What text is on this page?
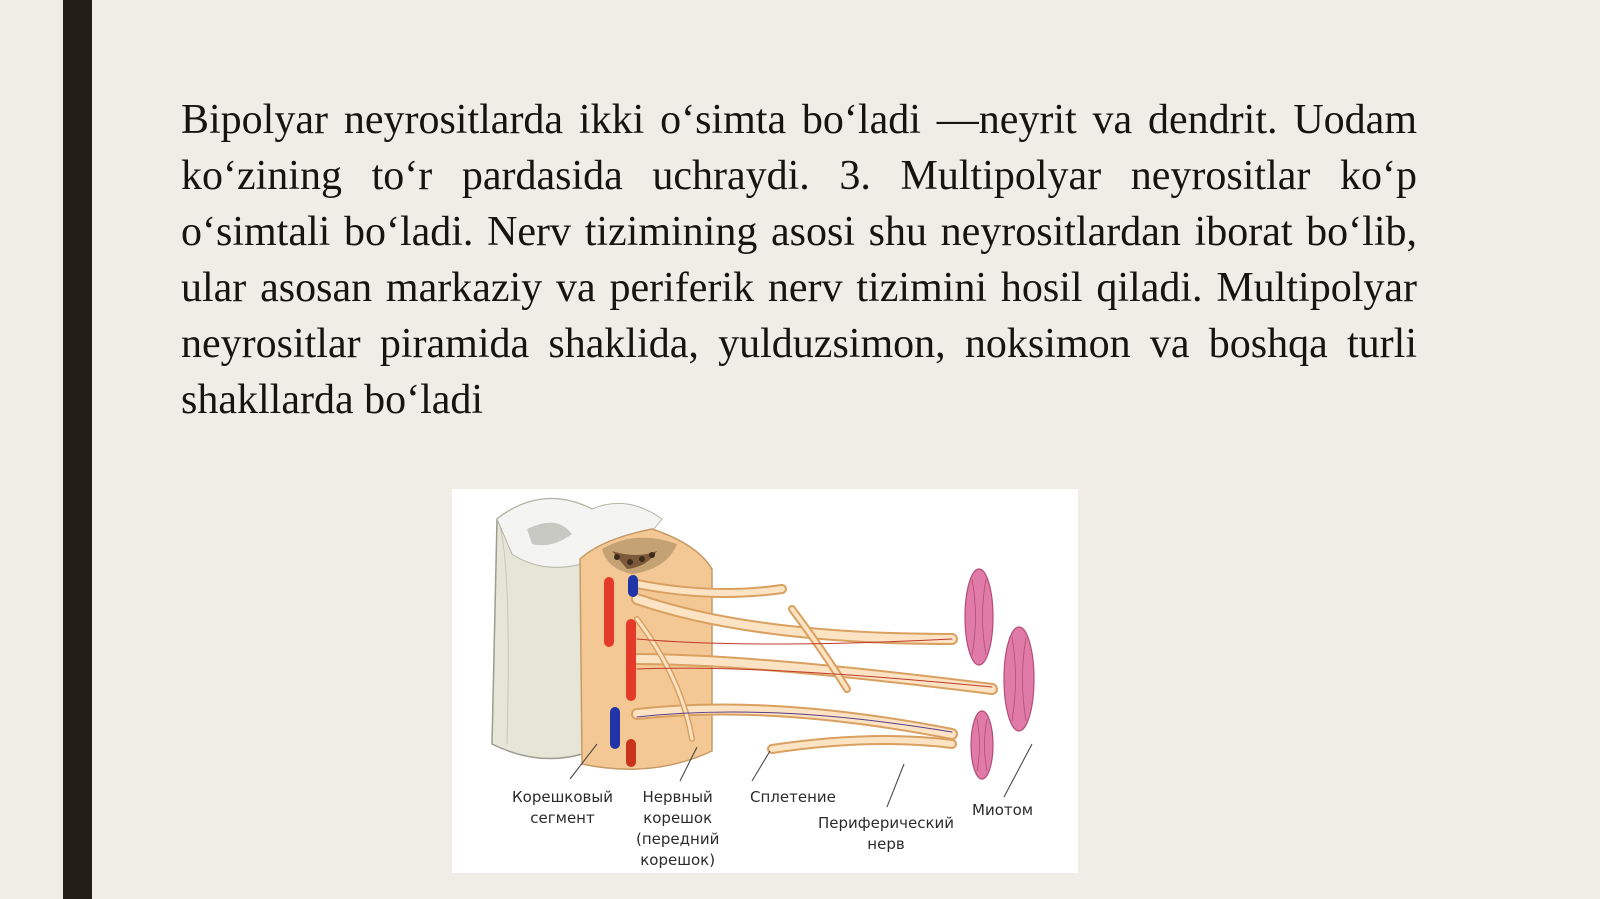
Bipolyar neyrositlarda ikki oʻsimta boʻladi —neyrit va dendrit. Uodam koʻzining toʻr pardasida uchraydi. 3. Multipolyar neyrositlar koʻp oʻsimtali boʻladi. Nerv tizimining asosi shu neyrositlardan iborat boʻlib, ular asosan markaziy va periferik nerv tizimini hosil qiladi. Multipolyar neyrositlar piramida shaklida, yulduzsimon, noksimon va boshqa turli shakllarda boʻladi

Корешковый
сегмент
Нервный
корешок
(передний
корешок)
Сплетение
Периферический
нерв
Миотом
